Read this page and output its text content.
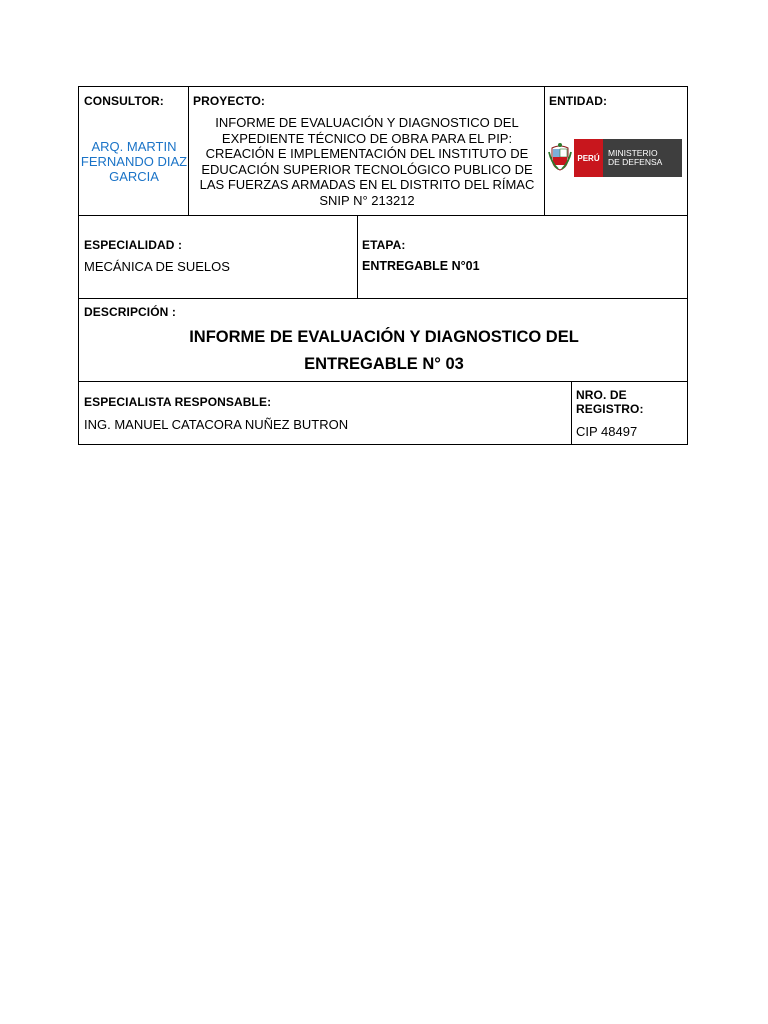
CONSULTOR:
ARQ. MARTIN FERNANDO DIAZ GARCIA
PROYECTO:
INFORME DE EVALUACIÓN Y DIAGNOSTICO DEL EXPEDIENTE TÉCNICO DE OBRA PARA EL PIP: CREACIÓN E IMPLEMENTACIÓN DEL INSTITUTO DE EDUCACIÓN SUPERIOR TECNOLÓGICO PUBLICO DE LAS FUERZAS ARMADAS EN EL DISTRITO DEL RÍMAC SNIP N° 213212
ENTIDAD:
PERÚ MINISTERIO
DE DEFENSA
ESPECIALIDAD :
MECÁNICA DE SUELOS
ETAPA:
ENTREGABLE N°01
DESCRIPCIÓN :
INFORME DE EVALUACIÓN Y DIAGNOSTICO DEL
ENTREGABLE N° 03
ESPECIALISTA RESPONSABLE:
ING. MANUEL CATACORA NUÑEZ BUTRON
NRO. DE
REGISTRO:
CIP 48497
